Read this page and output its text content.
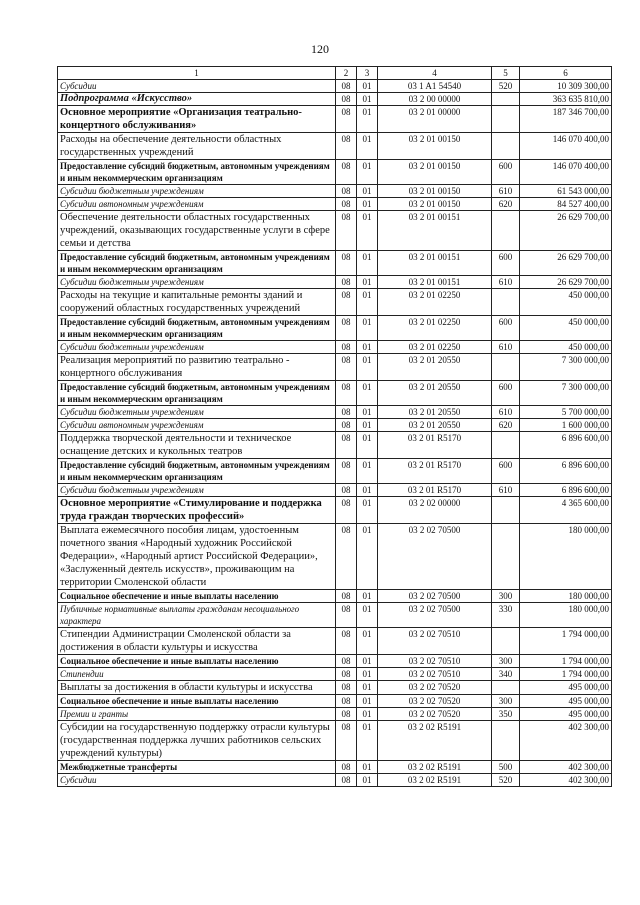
120
1	2	3	4	5	6
Субсидии	08	01	03 1 A1 54540	520	10 309 300,00
Подпрограмма «Искусство»	08	01	03 2 00 00000		363 635 810,00
Основное мероприятие «Организация театрально-концертного обслуживания»	08	01	03 2 01 00000		187 346 700,00
Расходы на обеспечение деятельности областных государственных учреждений	08	01	03 2 01 00150		146 070 400,00
Предоставление субсидий бюджетным, автономным учреждениям и иным некоммерческим организациям	08	01	03 2 01 00150	600	146 070 400,00
Субсидии бюджетным учреждениям	08	01	03 2 01 00150	610	61 543 000,00
Субсидии автономным учреждениям	08	01	03 2 01 00150	620	84 527 400,00
Обеспечение деятельности областных государственных учреждений, оказывающих государственные услуги в сфере семьи и детства	08	01	03 2 01 00151		26 629 700,00
Предоставление субсидий бюджетным, автономным учреждениям и иным некоммерческим организациям	08	01	03 2 01 00151	600	26 629 700,00
Субсидии бюджетным учреждениям	08	01	03 2 01 00151	610	26 629 700,00
Расходы на текущие и капитальные ремонты зданий и сооружений областных государственных учреждений	08	01	03 2 01 02250		450 000,00
Предоставление субсидий бюджетным, автономным учреждениям и иным некоммерческим организациям	08	01	03 2 01 02250	600	450 000,00
Субсидии бюджетным учреждениям	08	01	03 2 01 02250	610	450 000,00
Реализация мероприятий по развитию театрально - концертного обслуживания	08	01	03 2 01 20550		7 300 000,00
Предоставление субсидий бюджетным, автономным учреждениям и иным некоммерческим организациям	08	01	03 2 01 20550	600	7 300 000,00
Субсидии бюджетным учреждениям	08	01	03 2 01 20550	610	5 700 000,00
Субсидии автономным учреждениям	08	01	03 2 01 20550	620	1 600 000,00
Поддержка творческой деятельности и техническое оснащение детских и кукольных театров	08	01	03 2 01 R5170		6 896 600,00
Предоставление субсидий бюджетным, автономным учреждениям и иным некоммерческим организациям	08	01	03 2 01 R5170	600	6 896 600,00
Субсидии бюджетным учреждениям	08	01	03 2 01 R5170	610	6 896 600,00
Основное мероприятие «Стимулирование и поддержка труда граждан творческих профессий»	08	01	03 2 02 00000		4 365 600,00
Выплата ежемесячного пособия лицам, удостоенным почетного звания «Народный художник Российской Федерации», «Народный артист Российской Федерации», «Заслуженный деятель искусств», проживающим на территории Смоленской области	08	01	03 2 02 70500		180 000,00
Социальное обеспечение и иные выплаты населению	08	01	03 2 02 70500	300	180 000,00
Публичные нормативные выплаты гражданам несоциального характера	08	01	03 2 02 70500	330	180 000,00
Стипендии Администрации Смоленской области за достижения в области культуры и искусства	08	01	03 2 02 70510		1 794 000,00
Социальное обеспечение и иные выплаты населению	08	01	03 2 02 70510	300	1 794 000,00
Стипендии	08	01	03 2 02 70510	340	1 794 000,00
Выплаты за достижения в области культуры и искусства	08	01	03 2 02 70520		495 000,00
Социальное обеспечение и иные выплаты населению	08	01	03 2 02 70520	300	495 000,00
Премии и гранты	08	01	03 2 02 70520	350	495 000,00
Субсидии на государственную поддержку отрасли культуры (государственная поддержка лучших работников сельских учреждений культуры)	08	01	03 2 02 R5191		402 300,00
Межбюджетные трансферты	08	01	03 2 02 R5191	500	402 300,00
Субсидии	08	01	03 2 02 R5191	520	402 300,00
